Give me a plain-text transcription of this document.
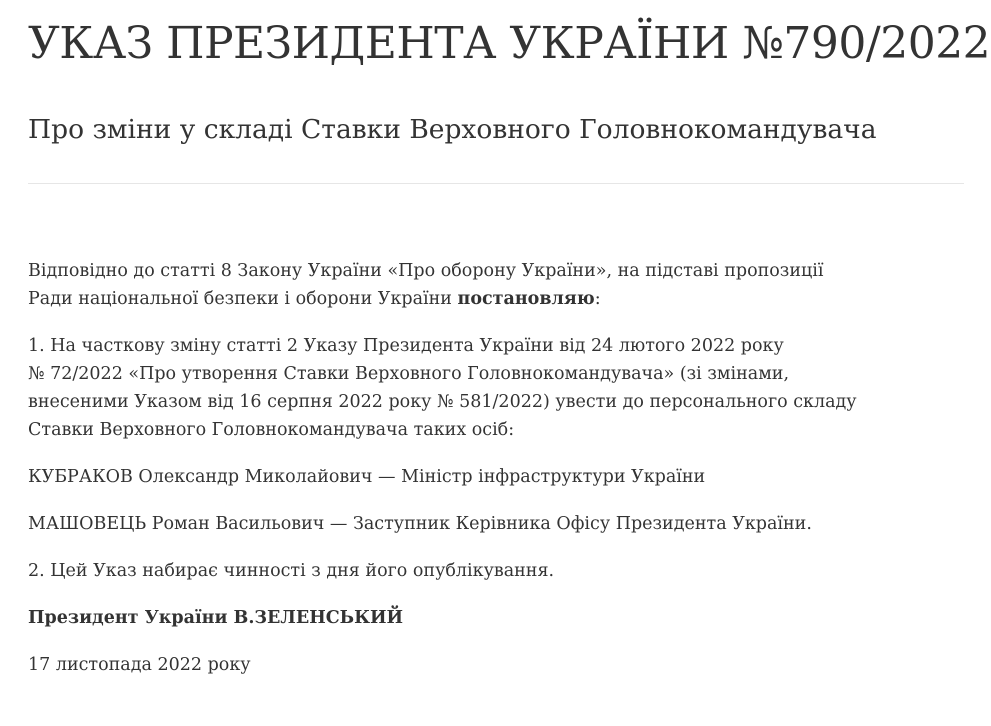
УКАЗ ПРЕЗИДЕНТА УКРАЇНИ №790/2022
Про зміни у складі Ставки Верховного Головнокомандувача

Відповідно до статті 8 Закону України «Про оборону України», на підставі пропозиції
Ради національної безпеки і оборони України постановляю:

1. На часткову зміну статті 2 Указу Президента України від 24 лютого 2022 року
№ 72/2022 «Про утворення Ставки Верховного Головнокомандувача» (зі змінами,
внесеними Указом від 16 серпня 2022 року № 581/2022) увести до персонального складу
Ставки Верховного Головнокомандувача таких осіб:

КУБРАКОВ Олександр Миколайович — Міністр інфраструктури України

МАШОВЕЦЬ Роман Васильович — Заступник Керівника Офісу Президента України.

2. Цей Указ набирає чинності з дня його опублікування.

Президент України В.ЗЕЛЕНСЬКИЙ

17 листопада 2022 року
